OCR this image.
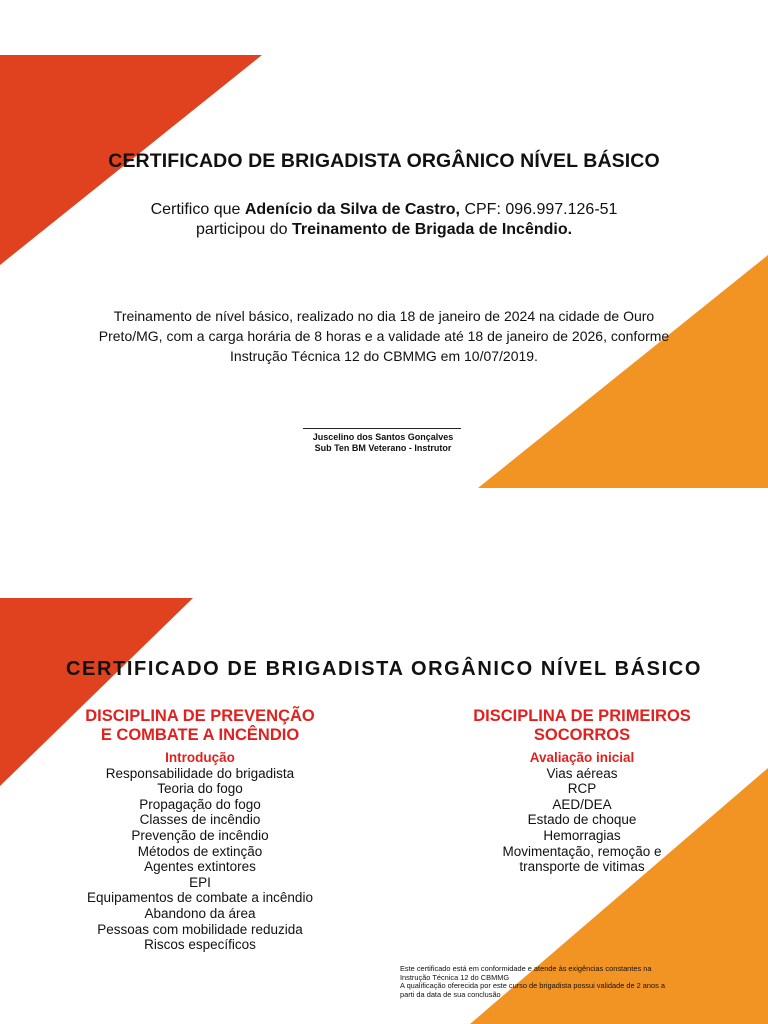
CERTIFICADO DE BRIGADISTA ORGÂNICO NÍVEL BÁSICO
Certifico que Adenício da Silva de Castro, CPF: 096.997.126-51
participou do Treinamento de Brigada de Incêndio.
Treinamento de nível básico, realizado no dia 18 de janeiro de 2024 na cidade de Ouro Preto/MG, com a carga horária de 8 horas e a validade até 18 de janeiro de 2026, conforme Instrução Técnica 12 do CBMMG em 10/07/2019.
Juscelino dos Santos Gonçalves
Sub Ten BM Veterano - Instrutor
CERTIFICADO DE BRIGADISTA ORGÂNICO NÍVEL BÁSICO
DISCIPLINA DE PREVENÇÃO
E COMBATE A INCÊNDIO
Introdução
Responsabilidade do brigadista
Teoria do fogo
Propagação do fogo
Classes de incêndio
Prevenção de incêndio
Métodos de extinção
Agentes extintores
EPI
Equipamentos de combate a incêndio
Abandono da área
Pessoas com mobilidade reduzida
Riscos específicos
DISCIPLINA DE PRIMEIROS
SOCORROS
Avaliação inicial
Vias aéreas
RCP
AED/DEA
Estado de choque
Hemorragias
Movimentação, remoção e
transporte de vitimas
Este certificado está em conformidade e atende às exigências constantes na
Instrução Técnica 12 do CBMMG
A qualificação oferecida por este curso de brigadista possui validade de 2 anos a
parti da data de sua conclusão
